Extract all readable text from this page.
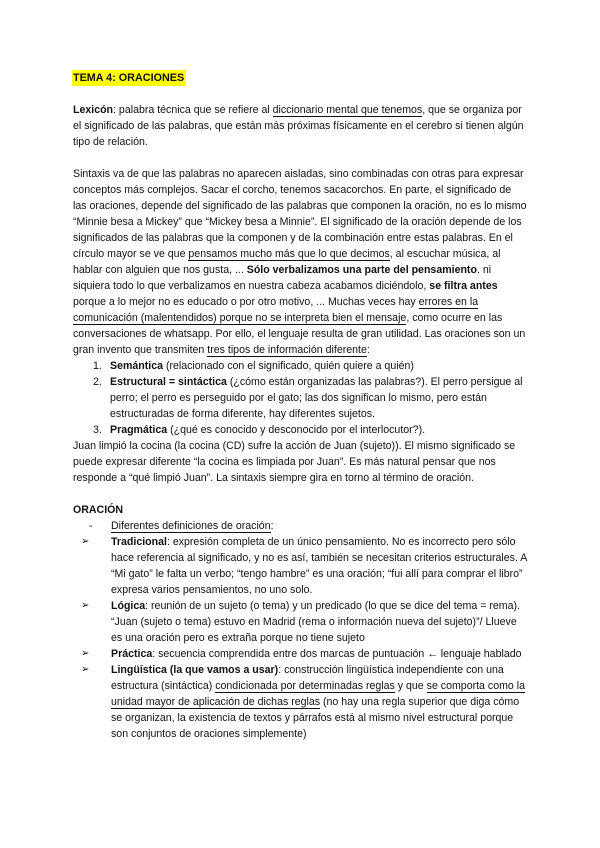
TEMA 4: ORACIONES

Lexicón: palabra técnica que se refiere al diccionario mental que tenemos, que se organiza por el significado de las palabras, que están más próximas físicamente en el cerebro si tienen algún tipo de relación.

Sintaxis va de que las palabras no aparecen aisladas, sino combinadas con otras para expresar conceptos más complejos. Sacar el corcho, tenemos sacacorchos. En parte, el significado de las oraciones, depende del significado de las palabras que componen la oración, no es lo mismo “Minnie besa a Mickey” que “Mickey besa a Minnie”. El significado de la oración depende de los significados de las palabras que la componen y de la combinación entre estas palabras. En el círculo mayor se ve que pensamos mucho más que lo que decimos, al escuchar música, al hablar con alguien que nos gusta, ... Sólo verbalizamos una parte del pensamiento. ni siquiera todo lo que verbalizamos en nuestra cabeza acabamos diciéndolo, se filtra antes porque a lo mejor no es educado o por otro motivo, ... Muchas veces hay errores en la comunicación (malentendidos) porque no se interpreta bien el mensaje, como ocurre en las conversaciones de whatsapp. Por ello, el lenguaje resulta de gran utilidad. Las oraciones son un gran invento que transmiten tres tipos de información diferente:

1. Semántica (relacionado con el significado, quién quiere a quién)
2. Estructural = sintáctica (¿cómo están organizadas las palabras?). El perro persigue al perro; el perro es perseguido por el gato; las dos significan lo mismo, pero están estructuradas de forma diferente, hay diferentes sujetos.
3. Pragmática (¿qué es conocido y desconocido por el interlocutor?).

Juan limpió la cocina (la cocina (CD) sufre la acción de Juan (sujeto)). El mismo significado se puede expresar diferente “la cocina es limpiada por Juan”. Es más natural pensar que nos responde a “qué limpió Juan”. La sintaxis siempre gira en torno al término de oración.

ORACIÓN

- Diferentes definiciones de oración:
➢ Tradicional: expresión completa de un único pensamiento. No es incorrecto pero sólo hace referencia al significado, y no es así, también se necesitan criterios estructurales. A “Mi gato” le falta un verbo; “tengo hambre” es una oración; “fui allí para comprar el libro” expresa varios pensamientos, no uno solo.
➢ Lógica: reunión de un sujeto (o tema) y un predicado (lo que se dice del tema = rema). “Juan (sujeto o tema) estuvo en Madrid (rema o información nueva del sujeto)”/ Llueve es una oración pero es extraña porque no tiene sujeto
➢ Práctica: secuencia comprendida entre dos marcas de puntuación ← lenguaje hablado
➢ Lingüística (la que vamos a usar): construcción lingüística independiente con una estructura (sintáctica) condicionada por determinadas reglas y que se comporta como la unidad mayor de aplicación de dichas reglas (no hay una regla superior que diga cómo se organizan, la existencia de textos y párrafos está al mismo nivel estructural porque son conjuntos de oraciones simplemente)
